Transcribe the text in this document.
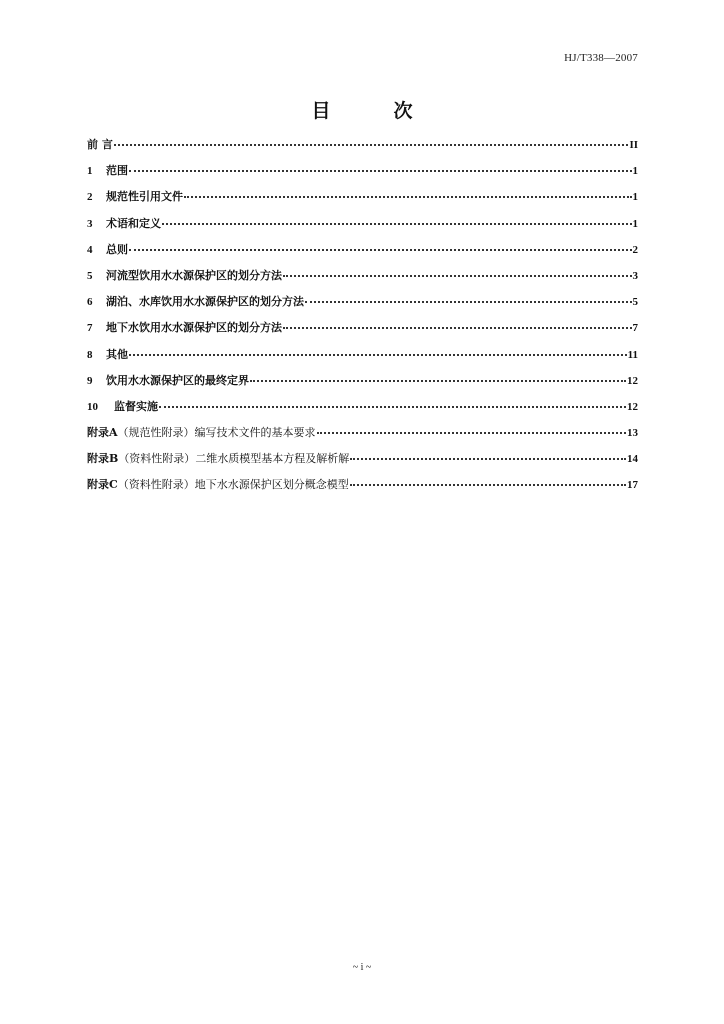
HJ/T338—2007
目　次
前 言	II
1	范围	1
2	规范性引用文件	1
3	术语和定义	1
4	总则	2
5	河流型饮用水水源保护区的划分方法	3
6	湖泊、水库饮用水水源保护区的划分方法	5
7	地下水饮用水水源保护区的划分方法	7
8	其他	11
9	饮用水水源保护区的最终定界	12
10	监督实施	12
附录A（规范性附录）编写技术文件的基本要求	13
附录B（资料性附录）二维水质模型基本方程及解析解	14
附录C（资料性附录）地下水水源保护区划分概念模型	17
~ i ~
